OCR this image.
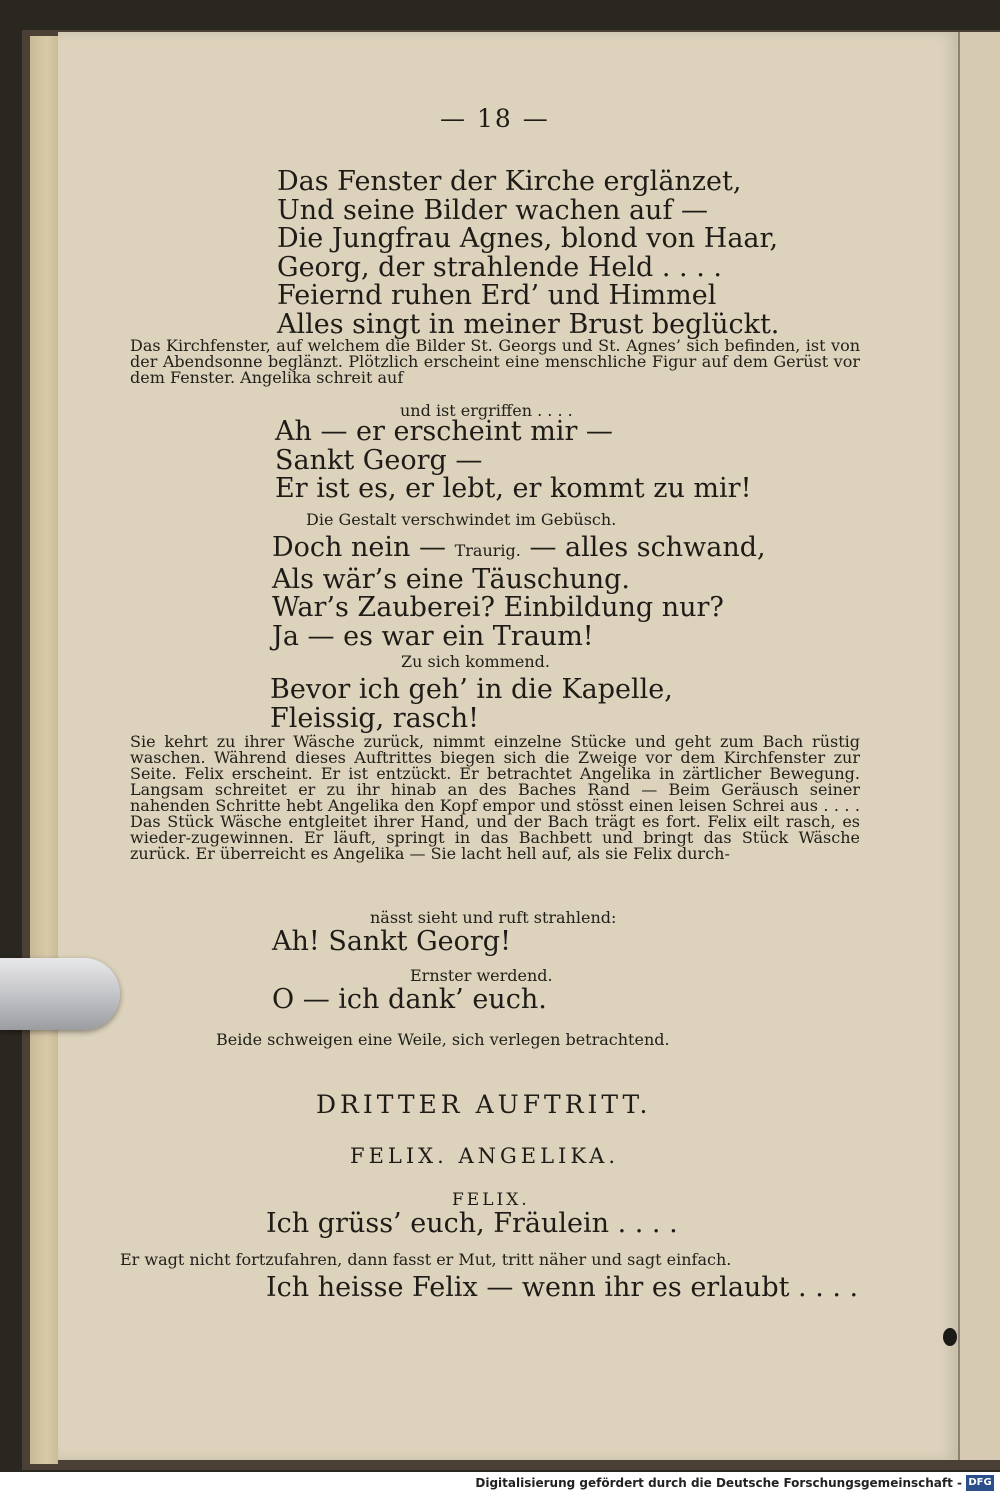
— 18 —
Das Fenster der Kirche erglänzet,
Und seine Bilder wachen auf —
Die Jungfrau Agnes, blond von Haar,
Georg, der strahlende Held . . . .
Feiernd ruhen Erd’ und Himmel
Alles singt in meiner Brust beglückt.
Das Kirchfenster, auf welchem die Bilder St. Georgs und St. Agnes’ sich befinden, ist von der Abendsonne beglänzt. Plötzlich erscheint eine menschliche Figur auf dem Gerüst vor dem Fenster. Angelika schreit auf
und ist ergriffen . . . .
Ah — er erscheint mir —
Sankt Georg —
Er ist es, er lebt, er kommt zu mir!
Die Gestalt verschwindet im Gebüsch.
Doch nein — Traurig. — alles schwand,
Als wär’s eine Täuschung.
War’s Zauberei? Einbildung nur?
Ja — es war ein Traum!
Zu sich kommend.
Bevor ich geh’ in die Kapelle,
Fleissig, rasch!
Sie kehrt zu ihrer Wäsche zurück, nimmt einzelne Stücke und geht zum Bach rüstig waschen. Während dieses Auftrittes biegen sich die Zweige vor dem Kirchfenster zur Seite. Felix erscheint. Er ist entzückt. Er betrachtet Angelika in zärtlicher Bewegung. Langsam schreitet er zu ihr hinab an des Baches Rand — Beim Geräusch seiner nahenden Schritte hebt Angelika den Kopf empor und stösst einen leisen Schrei aus . . . . Das Stück Wäsche entgleitet ihrer Hand, und der Bach trägt es fort. Felix eilt rasch, es wieder-zugewinnen. Er läuft, springt in das Bachbett und bringt das Stück Wäsche zurück. Er überreicht es Angelika — Sie lacht hell auf, als sie Felix durch-
nässt sieht und ruft strahlend:
Ah! Sankt Georg!
Ernster werdend.
O — ich dank’ euch.
Beide schweigen eine Weile, sich verlegen betrachtend.
DRITTER AUFTRITT.
FELIX. ANGELIKA.
FELIX.
Ich grüss’ euch, Fräulein . . . .
Er wagt nicht fortzufahren, dann fasst er Mut, tritt näher und sagt einfach.
Ich heisse Felix — wenn ihr es erlaubt . . . .
Digitalisierung gefördert durch die Deutsche Forschungsgemeinschaft - DFG
